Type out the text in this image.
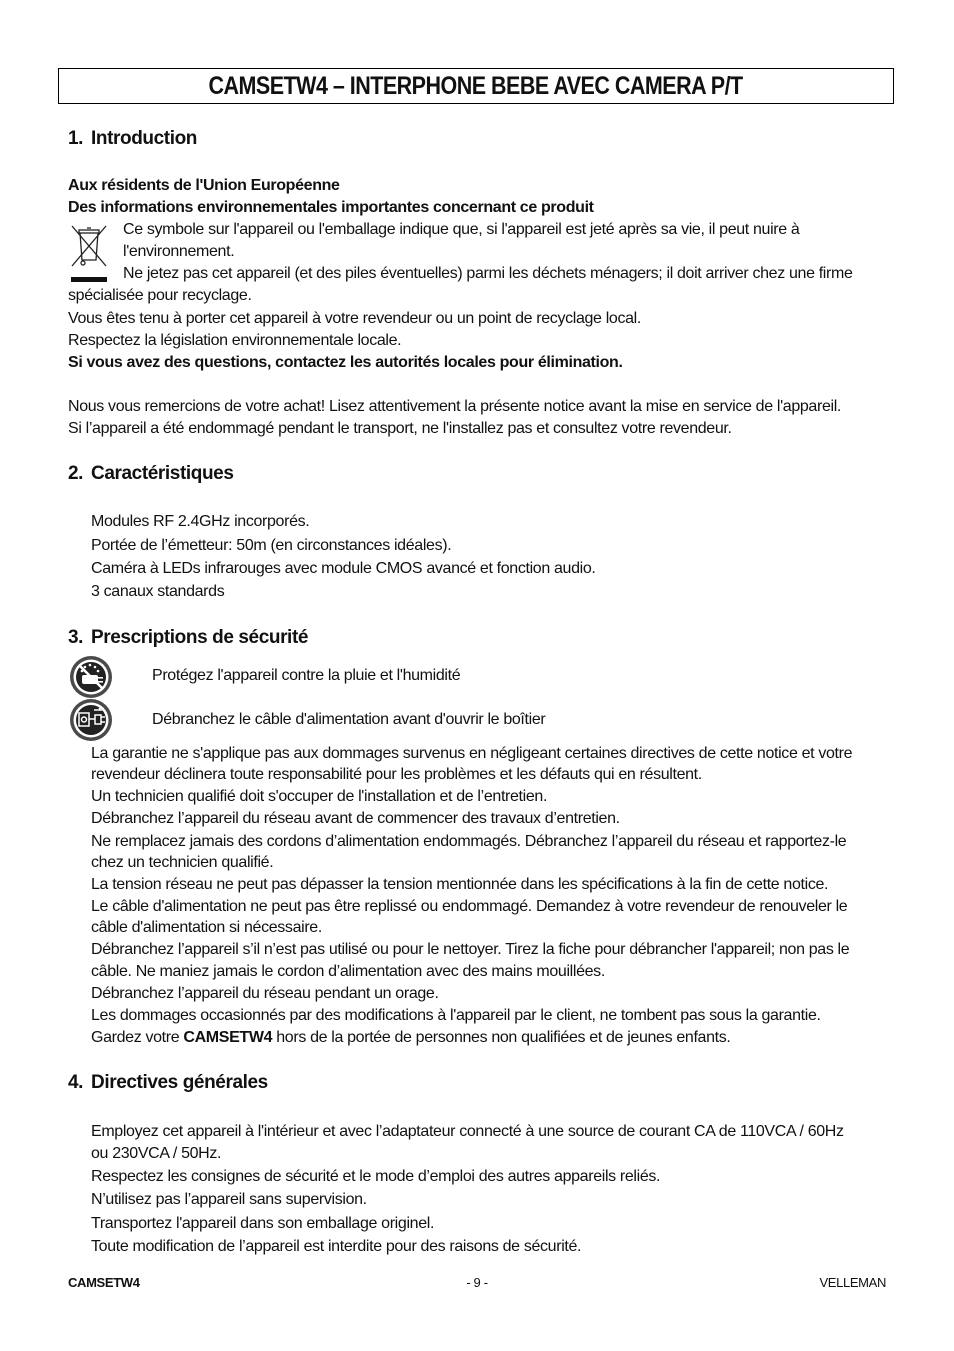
CAMSETW4 – INTERPHONE BEBE AVEC CAMERA P/T
1. Introduction
Aux résidents de l'Union Européenne
Des informations environnementales importantes concernant ce produit
Ce symbole sur l'appareil ou l'emballage indique que, si l'appareil est jeté après sa vie, il peut nuire à
l'environnement.
Ne jetez pas cet appareil (et des piles éventuelles) parmi les déchets ménagers; il doit arriver chez une firme
spécialisée pour recyclage.
Vous êtes tenu à porter cet appareil à votre revendeur ou un point de recyclage local.
Respectez la législation environnementale locale.
Si vous avez des questions, contactez les autorités locales pour élimination.
Nous vous remercions de votre achat! Lisez attentivement la présente notice avant la mise en service de l'appareil.
Si l’appareil a été endommagé pendant le transport, ne l'installez pas et consultez votre revendeur.
2. Caractéristiques
Modules RF 2.4GHz incorporés.
Portée de l’émetteur: 50m (en circonstances idéales).
Caméra à LEDs infrarouges avec module CMOS avancé et fonction audio.
3 canaux standards
3. Prescriptions de sécurité
Protégez l'appareil contre la pluie et l'humidité
Débranchez le câble d'alimentation avant d'ouvrir le boîtier
La garantie ne s'applique pas aux dommages survenus en négligeant certaines directives de cette notice et votre
revendeur déclinera toute responsabilité pour les problèmes et les défauts qui en résultent.
Un technicien qualifié doit s'occuper de l'installation et de l’entretien.
Débranchez l’appareil du réseau avant de commencer des travaux d’entretien.
Ne remplacez jamais des cordons d’alimentation endommagés. Débranchez l’appareil du réseau et rapportez-le
chez un technicien qualifié.
La tension réseau ne peut pas dépasser la tension mentionnée dans les spécifications à la fin de cette notice.
Le câble d'alimentation ne peut pas être replissé ou endommagé. Demandez à votre revendeur de renouveler le
câble d'alimentation si nécessaire.
Débranchez l’appareil s’il n’est pas utilisé ou pour le nettoyer. Tirez la fiche pour débrancher l'appareil; non pas le
câble. Ne maniez jamais le cordon d’alimentation avec des mains mouillées.
Débranchez l’appareil du réseau pendant un orage.
Les dommages occasionnés par des modifications à l'appareil par le client, ne tombent pas sous la garantie.
Gardez votre CAMSETW4 hors de la portée de personnes non qualifiées et de jeunes enfants.
4. Directives générales
Employez cet appareil à l'intérieur et avec l’adaptateur connecté à une source de courant CA de 110VCA / 60Hz
ou 230VCA / 50Hz.
Respectez les consignes de sécurité et le mode d’emploi des autres appareils reliés.
N’utilisez pas l’appareil sans supervision.
Transportez l'appareil dans son emballage originel.
Toute modification de l’appareil est interdite pour des raisons de sécurité.
CAMSETW4	- 9 -	VELLEMAN
